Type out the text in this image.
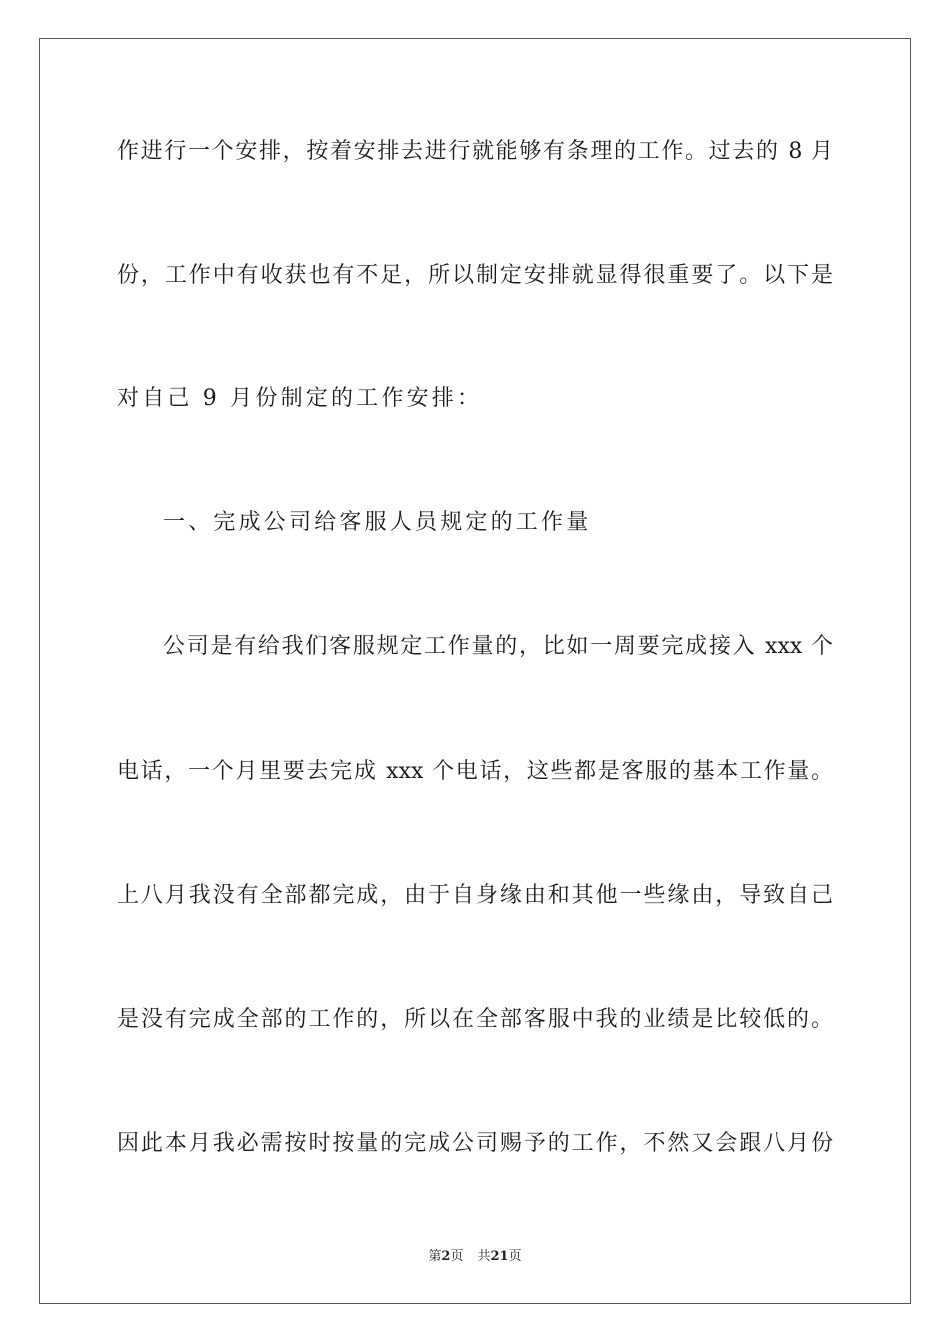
作进行一个安排，按着安排去进行就能够有条理的工作。过去的 8 月
份，工作中有收获也有不足，所以制定安排就显得很重要了。以下是
对自己 9 月份制定的工作安排：
一、完成公司给客服人员规定的工作量
公司是有给我们客服规定工作量的，比如一周要完成接入 xxx 个
电话，一个月里要去完成 xxx 个电话，这些都是客服的基本工作量。
上八月我没有全部都完成，由于自身缘由和其他一些缘由，导致自己
是没有完成全部的工作的，所以在全部客服中我的业绩是比较低的。
因此本月我必需按时按量的完成公司赐予的工作，不然又会跟八月份
第2页 共21页
